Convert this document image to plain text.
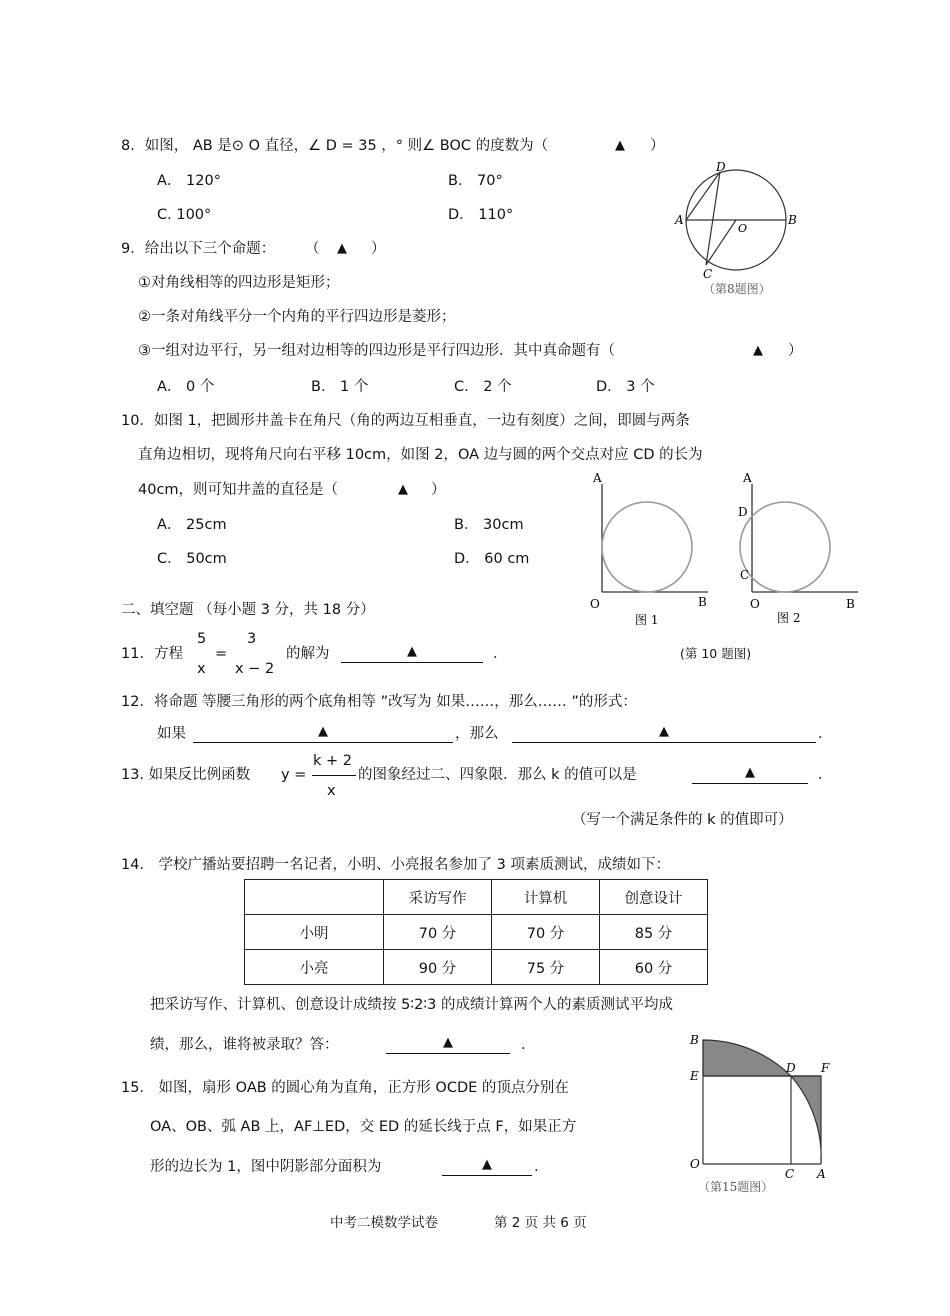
8．如图， AB 是⊙ O 直径，∠ D = 35 ，° 则∠ BOC 的度数为（	▲ ）
A． 120°	B． 70°
C. 100°	D． 110°
D
A
O
B
C
（第8题图）
9．给出以下三个命题： （ ▲ ）
①对角线相等的四边形是矩形；
②一条对角线平分一个内角的平行四边形是菱形；
③一组对边平行，另一组对边相等的四边形是平行四边形．其中真命题有（	▲ ）
A． 0 个	B． 1 个	C． 2 个	D． 3 个
10．如图 1，把圆形井盖卡在角尺（角的两边互相垂直，一边有刻度）之间，即圆与两条
直角边相切，现将角尺向右平移 10cm，如图 2，OA 边与圆的两个交点对应 CD 的长为
40cm，则可知井盖的直径是（	▲ ）
A． 25cm	B． 30cm
C． 50cm	D． 60 cm
A
O	B
图 1
A
D
C
O	B
图 2
二、填空题 （每小题 3 分，共 18 分）
11．方程
5
x
=
3
x − 2
的解为	▲	．	(第 10 题图)
12．将命题 等腰三角形的两个底角相等 ”改写为 如果……，那么…… ”的形式：
如果	▲	，那么	▲	．
13. 如果反比例函数 y =
k + 2
x
的图象经过二、四象限．那么 k 的值可以是	▲	．
（写一个满足条件的 k 的值即可）
14． 学校广播站要招聘一名记者，小明、小亮报名参加了 3 项素质测试，成绩如下：
	采访写作	计算机	创意设计
小明	70 分	70 分	85 分
小亮	90 分	75 分	60 分
把采访写作、计算机、创意设计成绩按 5∶2∶3 的成绩计算两个人的素质测试平均成
绩，那么，谁将被录取？答：	▲	．
15． 如图，扇形 OAB 的圆心角为直角，正方形 OCDE 的顶点分别在
OA、OB、弧 AB 上，AF⊥ED，交 ED 的延长线于点 F，如果正方
形的边长为 1，图中阴影部分面积为	▲	.
B
E
D F
O
C A
（第15题图）
中考二模数学试卷	第 2 页 共 6 页
